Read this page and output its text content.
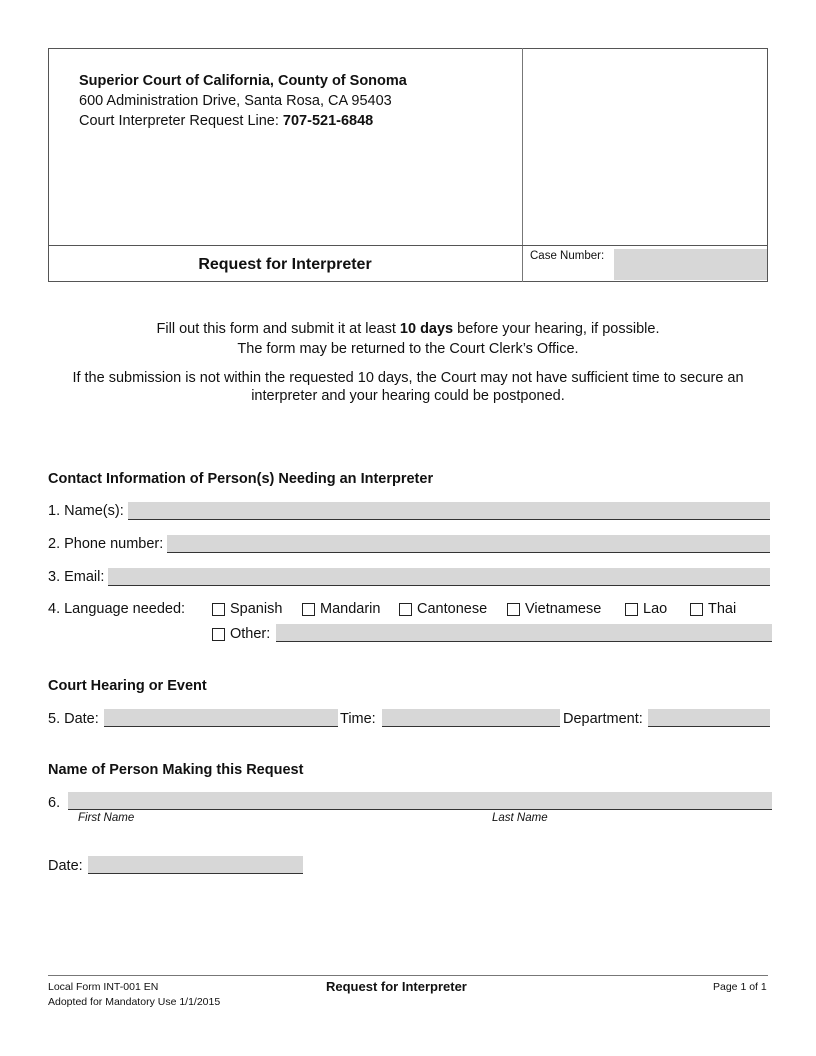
Superior Court of California, County of Sonoma
600 Administration Drive, Santa Rosa, CA 95403
Court Interpreter Request Line: 707-521-6848
Request for Interpreter	Case Number:
Fill out this form and submit it at least 10 days before your hearing, if possible.
The form may be returned to the Court Clerk’s Office.
If the submission is not within the requested 10 days, the Court may not have sufficient time to secure an
interpreter and your hearing could be postponed.
Contact Information of Person(s) Needing an Interpreter
1. Name(s):
2. Phone number:
3. Email:
4. Language needed:	Spanish	Mandarin	Cantonese	Vietnamese	Lao	Thai
Other:
Court Hearing or Event
5. Date:	Time:	Department:
Name of Person Making this Request
6.
First Name	Last Name
Date:
Local Form INT-001 EN
Adopted for Mandatory Use 1/1/2015
Request for Interpreter	Page 1 of 1
